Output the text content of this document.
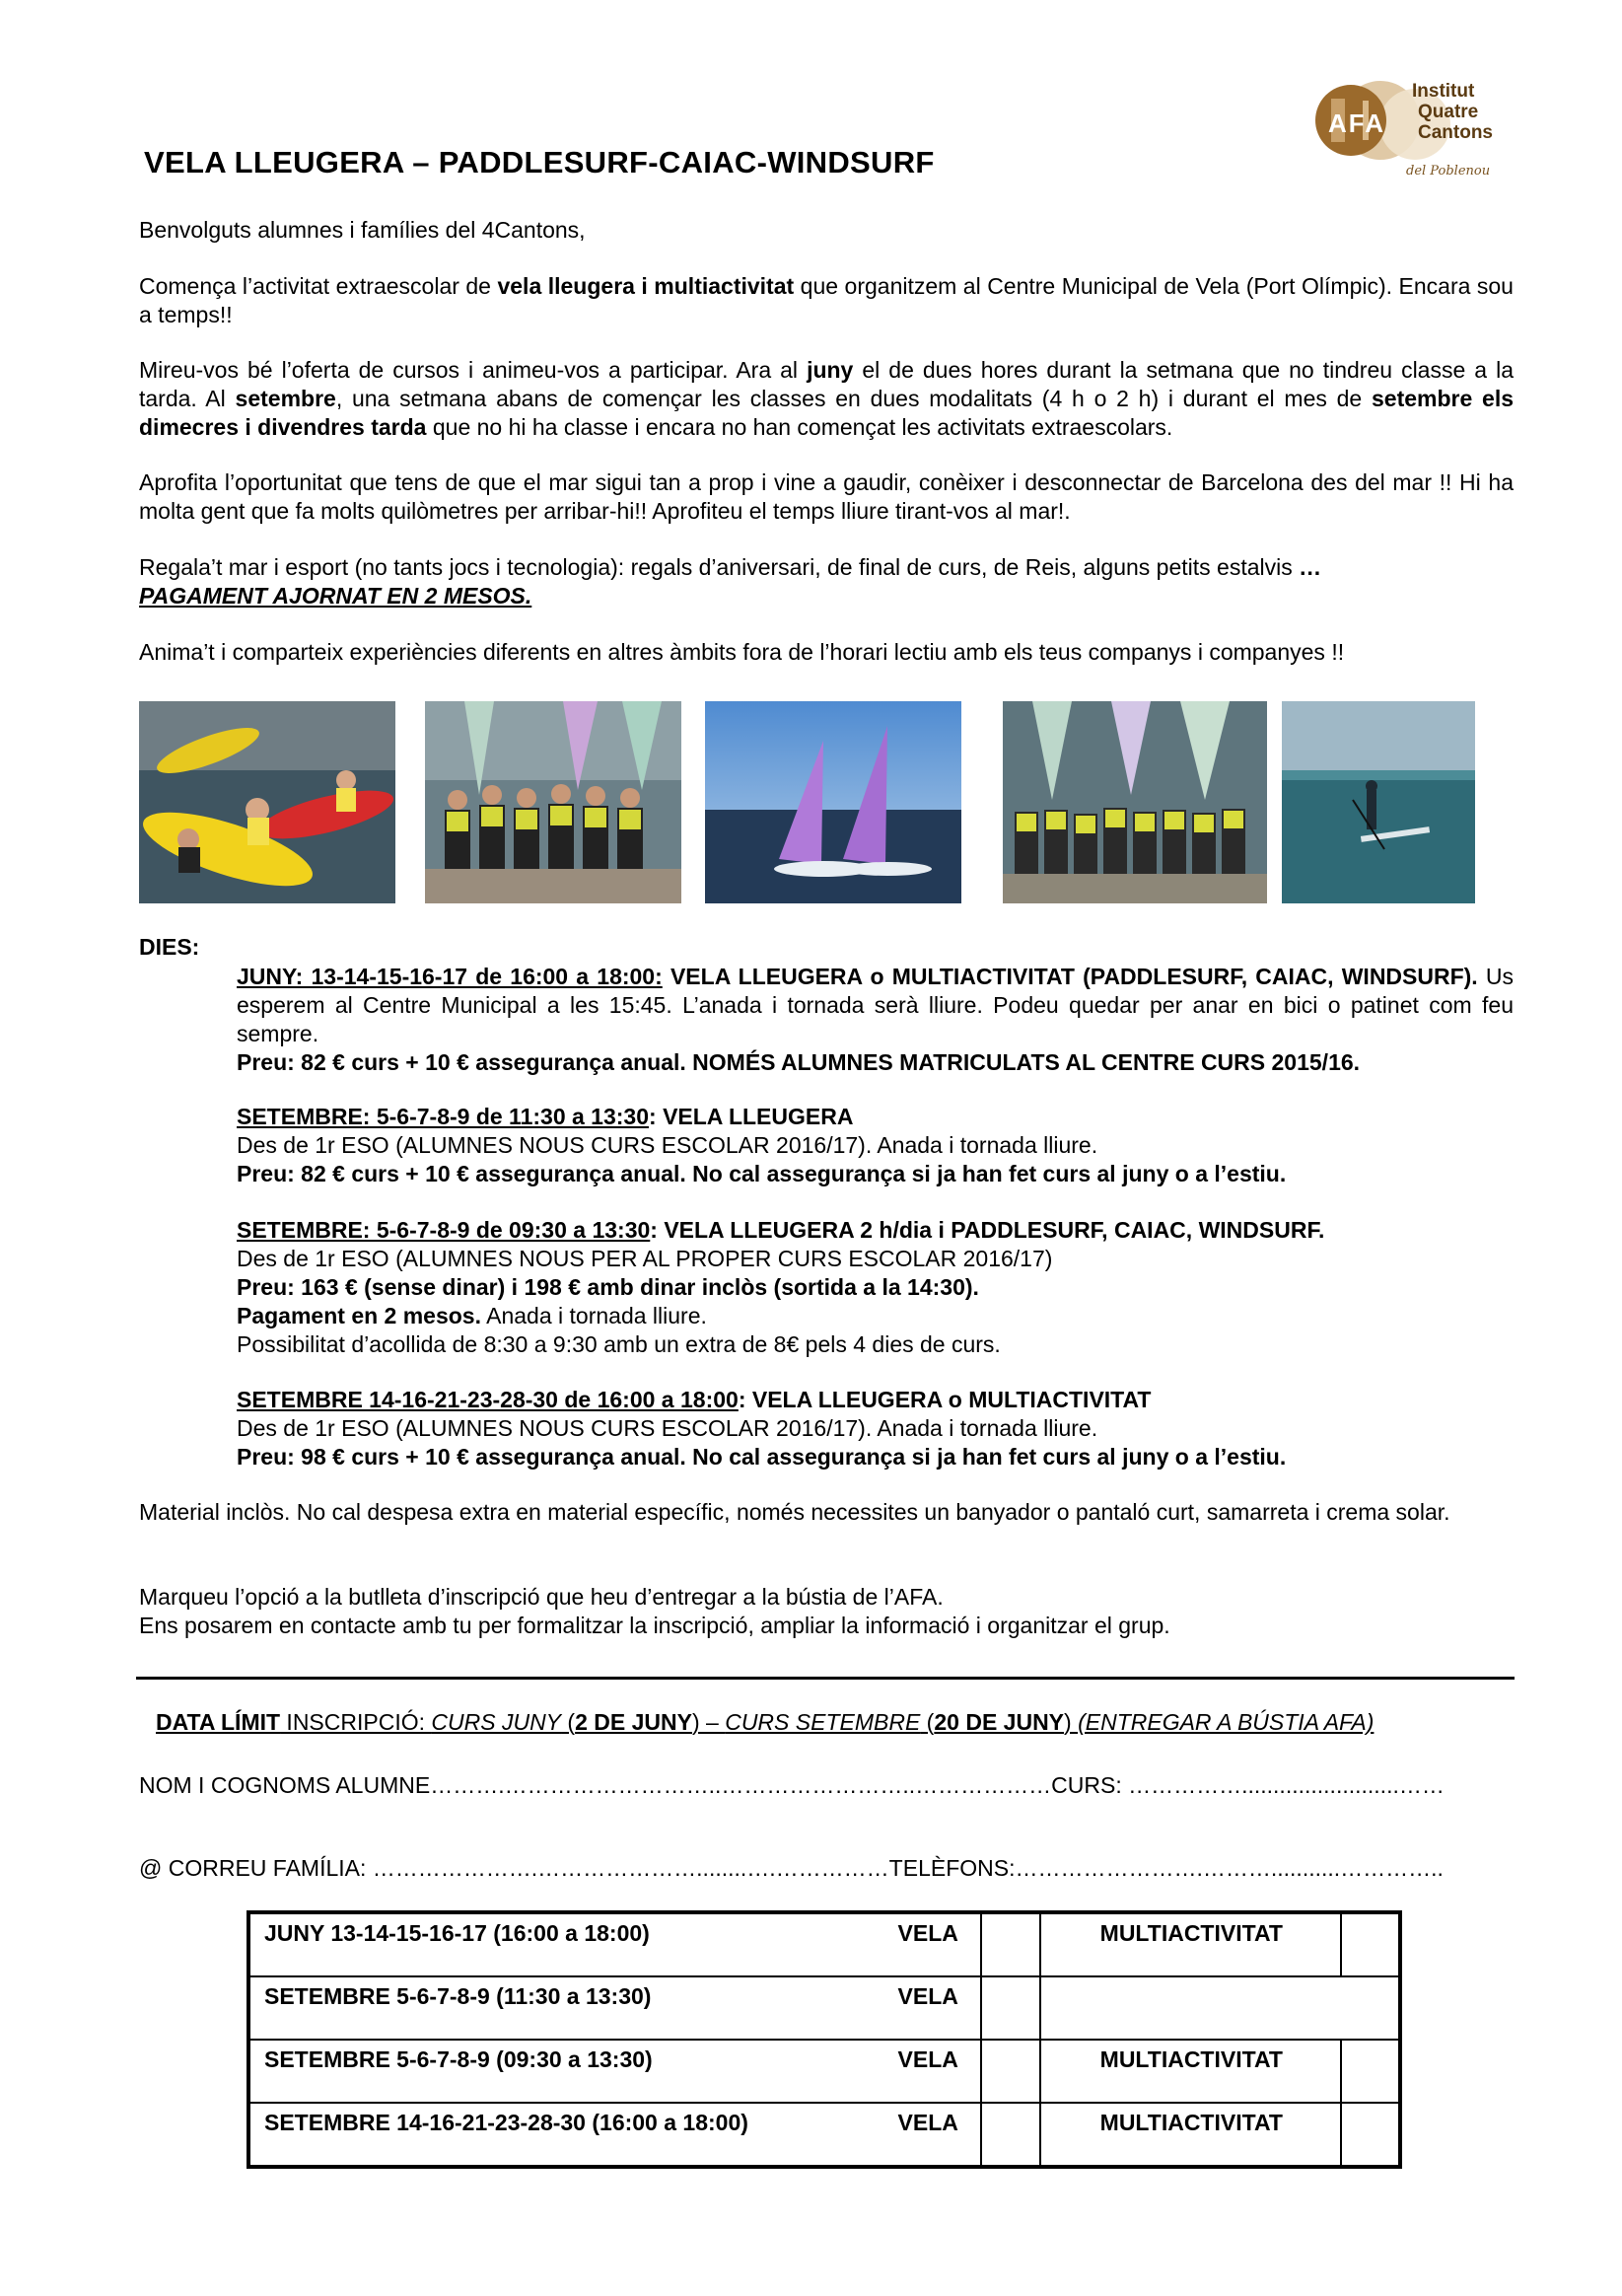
AFA
Institut
Quatre
Cantons
del Poblenou
VELA LLEUGERA – PADDLESURF-CAIAC-WINDSURF
Benvolguts alumnes i famílies del 4Cantons,
Comença l’activitat extraescolar de vela lleugera i multiactivitat que organitzem al Centre Municipal de Vela (Port Olímpic). Encara sou a temps!!
Mireu-vos bé l’oferta de cursos i animeu-vos a participar. Ara al juny el de dues hores durant la setmana que no tindreu classe a la tarda. Al setembre, una setmana abans de començar les classes en dues modalitats (4 h o 2 h) i durant el mes de setembre els dimecres i divendres tarda que no hi ha classe i encara no han començat les activitats extraescolars.
Aprofita l’oportunitat que tens de que el mar sigui tan a prop i vine a gaudir, conèixer i desconnectar de Barcelona des del mar !! Hi ha molta gent que fa molts quilòmetres per arribar-hi!! Aprofiteu el temps lliure tirant-vos al mar!.
Regala’t mar i esport (no tants jocs i tecnologia): regals d’aniversari, de final de curs, de Reis, alguns petits estalvis …
PAGAMENT AJORNAT EN 2 MESOS.
Anima’t i comparteix experiències diferents en altres àmbits fora de l’horari lectiu amb els teus companys i companyes !!
DIES:
JUNY: 13-14-15-16-17 de 16:00 a 18:00: VELA LLEUGERA o MULTIACTIVITAT (PADDLESURF, CAIAC, WINDSURF). Us esperem al Centre Municipal a les 15:45. L’anada i tornada serà lliure. Podeu quedar per anar en bici o patinet com feu sempre.
Preu: 82 € curs + 10 € assegurança anual. NOMÉS ALUMNES MATRICULATS AL CENTRE CURS 2015/16.
SETEMBRE: 5-6-7-8-9 de 11:30 a 13:30: VELA LLEUGERA
Des de 1r ESO (ALUMNES NOUS CURS ESCOLAR 2016/17). Anada i tornada lliure.
Preu: 82 € curs + 10 € assegurança anual. No cal assegurança si ja han fet curs al juny o a l’estiu.
SETEMBRE: 5-6-7-8-9 de 09:30 a 13:30: VELA LLEUGERA 2 h/dia i PADDLESURF, CAIAC, WINDSURF.
Des de 1r ESO (ALUMNES NOUS PER AL PROPER CURS ESCOLAR 2016/17)
Preu: 163 € (sense dinar) i 198 € amb dinar inclòs (sortida a la 14:30).
Pagament en 2 mesos. Anada i tornada lliure.
Possibilitat d’acollida de 8:30 a 9:30 amb un extra de 8€ pels 4 dies de curs.
SETEMBRE 14-16-21-23-28-30 de 16:00 a 18:00: VELA LLEUGERA o MULTIACTIVITAT
Des de 1r ESO (ALUMNES NOUS CURS ESCOLAR 2016/17). Anada i tornada lliure.
Preu: 98 € curs + 10 € assegurança anual. No cal assegurança si ja han fet curs al juny o a l’estiu.
Material inclòs. No cal despesa extra en material específic, només necessites un banyador o pantaló curt, samarreta i crema solar.
Marqueu l’opció a la butlleta d’inscripció que heu d’entregar a la bústia de l’AFA.
Ens posarem en contacte amb tu per formalitzar la inscripció, ampliar la informació i organitzar el grup.
DATA LÍMIT INSCRIPCIÓ: CURS JUNY (2 DE JUNY) – CURS SETEMBRE (20 DE JUNY) (ENTREGAR A BÚSTIA AFA)
NOM I COGNOMS ALUMNE……….………………………..……………………..………………CURS: …………….........................……
@ CORREU FAMÍLIA: ………………….…………………........….……………TELÈFONS:…………………….………...........…………..
JUNY 13-14-15-16-17 (16:00 a 18:00)	VELA		MULTIACTIVITAT	
SETEMBRE 5-6-7-8-9 (11:30 a 13:30)	VELA			
SETEMBRE 5-6-7-8-9 (09:30 a 13:30)	VELA		MULTIACTIVITAT	
SETEMBRE 14-16-21-23-28-30 (16:00 a 18:00)	VELA		MULTIACTIVITAT	
